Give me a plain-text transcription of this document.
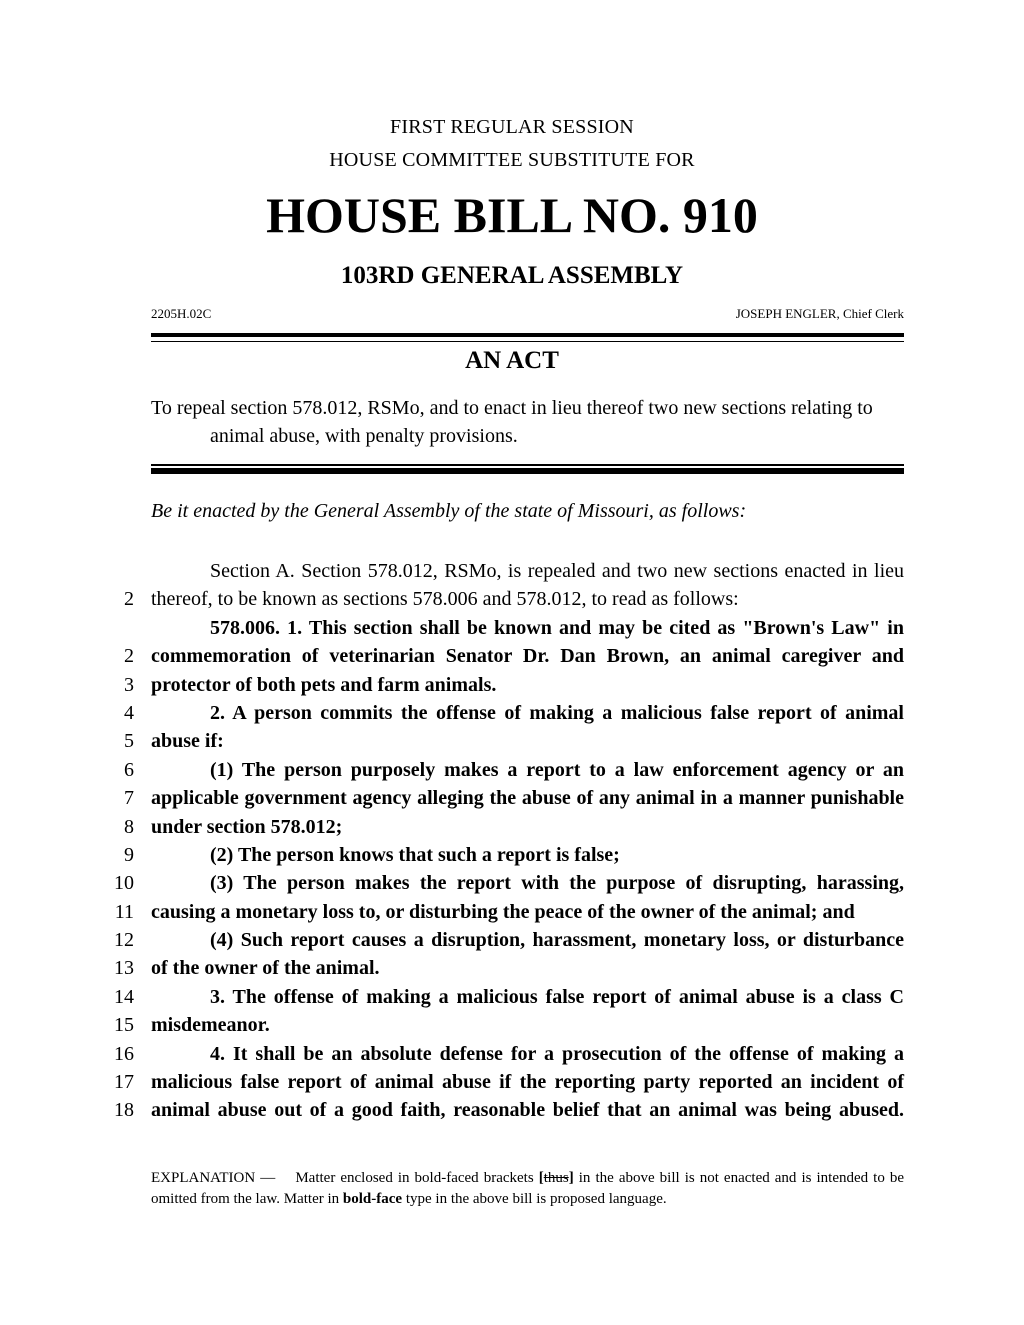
FIRST REGULAR SESSION
HOUSE COMMITTEE SUBSTITUTE FOR
HOUSE BILL NO. 910
103RD GENERAL ASSEMBLY
2205H.02C	JOSEPH ENGLER, Chief Clerk
AN ACT
To repeal section 578.012, RSMo, and to enact in lieu thereof two new sections relating to
animal abuse, with penalty provisions.
Be it enacted by the General Assembly of the state of Missouri, as follows:
Section A. Section 578.012, RSMo, is repealed and two new sections enacted in lieu
2 thereof, to be known as sections 578.006 and 578.012, to read as follows:
578.006. 1. This section shall be known and may be cited as "Brown's Law" in
2 commemoration of veterinarian Senator Dr. Dan Brown, an animal caregiver and
3 protector of both pets and farm animals.
4	2. A person commits the offense of making a malicious false report of animal
5 abuse if:
6	(1) The person purposely makes a report to a law enforcement agency or an
7 applicable government agency alleging the abuse of any animal in a manner punishable
8 under section 578.012;
9	(2) The person knows that such a report is false;
10	(3) The person makes the report with the purpose of disrupting, harassing,
11 causing a monetary loss to, or disturbing the peace of the owner of the animal; and
12	(4) Such report causes a disruption, harassment, monetary loss, or disturbance
13 of the owner of the animal.
14	3. The offense of making a malicious false report of animal abuse is a class C
15 misdemeanor.
16	4. It shall be an absolute defense for a prosecution of the offense of making a
17 malicious false report of animal abuse if the reporting party reported an incident of
18 animal abuse out of a good faith, reasonable belief that an animal was being abused.

EXPLANATION — Matter enclosed in bold-faced brackets [thus] in the above bill is not enacted and is intended to be omitted from the law. Matter in bold-face type in the above bill is proposed language.
